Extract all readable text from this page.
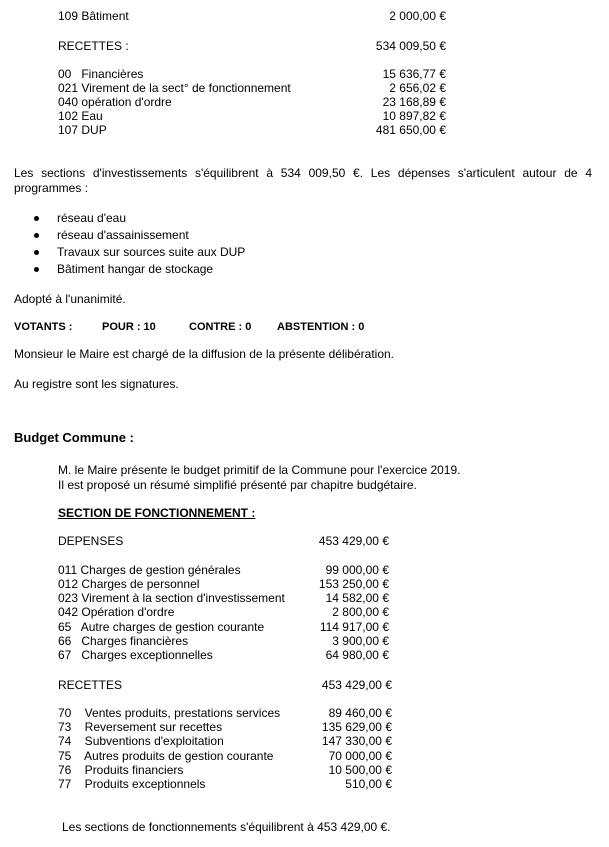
109 Bâtiment	2 000,00 €
RECETTES :	534 009,50 €
00   Financières	15 636,77 €
021 Virement de la sect° de fonctionnement	2 656,02 €
040 opération d'ordre	23 168,89 €
102 Eau	10 897,82 €
107 DUP	481 650,00 €
Les sections d'investissements s'équilibrent à 534 009,50 €. Les dépenses s'articulent autour de 4 programmes :
réseau d'eau
réseau d'assainissement
Travaux sur sources suite aux DUP
Bâtiment hangar de stockage
Adopté à l'unanimité.
VOTANTS :	POUR : 10	CONTRE : 0 ABSTENTION : 0
Monsieur le Maire est chargé de la diffusion de la présente délibération.
Au registre sont les signatures.
Budget Commune :
M. le Maire présente le budget primitif de la Commune pour l'exercice 2019.
Il est proposé un résumé simplifié présenté par chapitre budgétaire.
SECTION DE FONCTIONNEMENT :
DEPENSES	453 429,00 €
011 Charges de gestion générales	99 000,00 €
012 Charges de personnel	153 250,00 €
023 Virement à la section d'investissement	14 582,00 €
042 Opération d'ordre	2 800,00 €
65   Autre charges de gestion courante	114 917,00 €
66   Charges financières	3 900,00 €
67   Charges exceptionnelles	64 980,00 €
RECETTES	453 429,00 €
70    Ventes produits, prestations services	89 460,00 €
73    Reversement sur recettes	135 629,00 €
74    Subventions d'exploitation	147 330,00 €
75    Autres produits de gestion courante	70 000,00 €
76    Produits financiers	10 500,00 €
77    Produits exceptionnels	510,00 €
Les sections de fonctionnements s'équilibrent à 453 429,00 €.
